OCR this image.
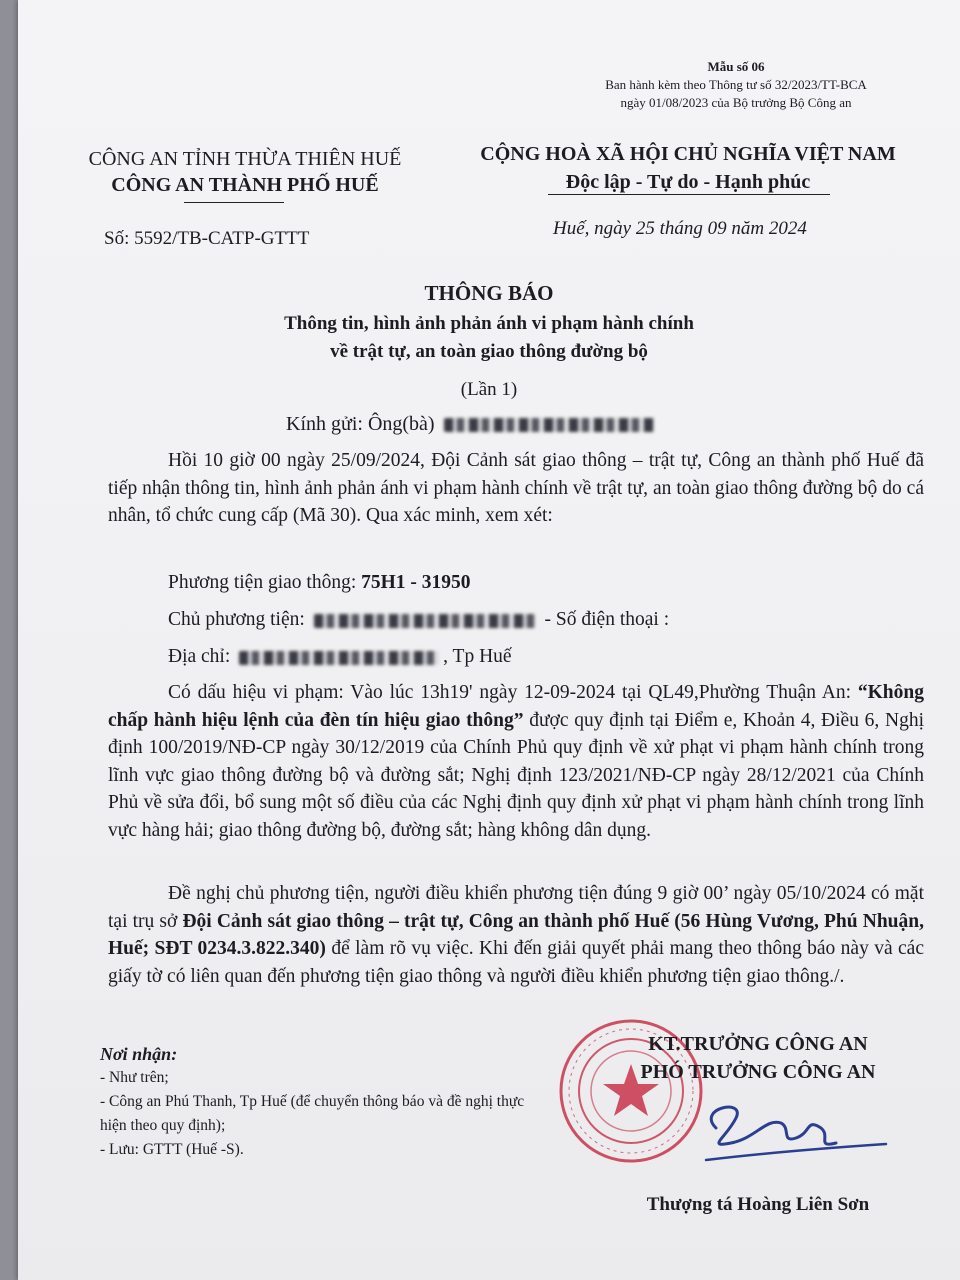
Mẫu số 06
Ban hành kèm theo Thông tư số 32/2023/TT-BCA
ngày 01/08/2023 của Bộ trưởng Bộ Công an
CÔNG AN TỈNH THỪA THIÊN HUẾ
CÔNG AN THÀNH PHỐ HUẾ
CỘNG HOÀ XÃ HỘI CHỦ NGHĨA VIỆT NAM
Độc lập - Tự do - Hạnh phúc
Số: 5592/TB-CATP-GTTT	Huế, ngày 25 tháng 09 năm 2024
THÔNG BÁO
Thông tin, hình ảnh phản ánh vi phạm hành chính
về trật tự, an toàn giao thông đường bộ
(Lần 1)
Kính gửi: Ông(bà)
Hồi 10 giờ 00 ngày 25/09/2024, Đội Cảnh sát giao thông – trật tự, Công an thành phố Huế đã tiếp nhận thông tin, hình ảnh phản ánh vi phạm hành chính về trật tự, an toàn giao thông đường bộ do cá nhân, tổ chức cung cấp (Mã 30). Qua xác minh, xem xét:
Phương tiện giao thông: 75H1 - 31950
Chủ phương tiện:	- Số điện thoại :
Địa chỉ:	, Tp Huế
Có dấu hiệu vi phạm: Vào lúc 13h19' ngày 12-09-2024 tại QL49,Phường Thuận An: “Không chấp hành hiệu lệnh của đèn tín hiệu giao thông” được quy định tại Điểm e, Khoản 4, Điều 6, Nghị định 100/2019/NĐ-CP ngày 30/12/2019 của Chính Phủ quy định về xử phạt vi phạm hành chính trong lĩnh vực giao thông đường bộ và đường sắt; Nghị định 123/2021/NĐ-CP ngày 28/12/2021 của Chính Phủ về sửa đổi, bổ sung một số điều của các Nghị định quy định xử phạt vi phạm hành chính trong lĩnh vực hàng hải; giao thông đường bộ, đường sắt; hàng không dân dụng.
Đề nghị chủ phương tiện, người điều khiển phương tiện đúng 9 giờ 00’ ngày 05/10/2024 có mặt tại trụ sở Đội Cảnh sát giao thông – trật tự, Công an thành phố Huế (56 Hùng Vương, Phú Nhuận, Huế; SĐT 0234.3.822.340) để làm rõ vụ việc. Khi đến giải quyết phải mang theo thông báo này và các giấy tờ có liên quan đến phương tiện giao thông và người điều khiển phương tiện giao thông./.
Nơi nhận:
- Như trên;
- Công an Phú Thanh, Tp Huế (để chuyển thông báo và đề nghị thực hiện theo quy định);
- Lưu: GTTT (Huế -S).
KT.TRƯỞNG CÔNG AN
PHÓ TRƯỞNG CÔNG AN
Thượng tá Hoàng Liên Sơn
